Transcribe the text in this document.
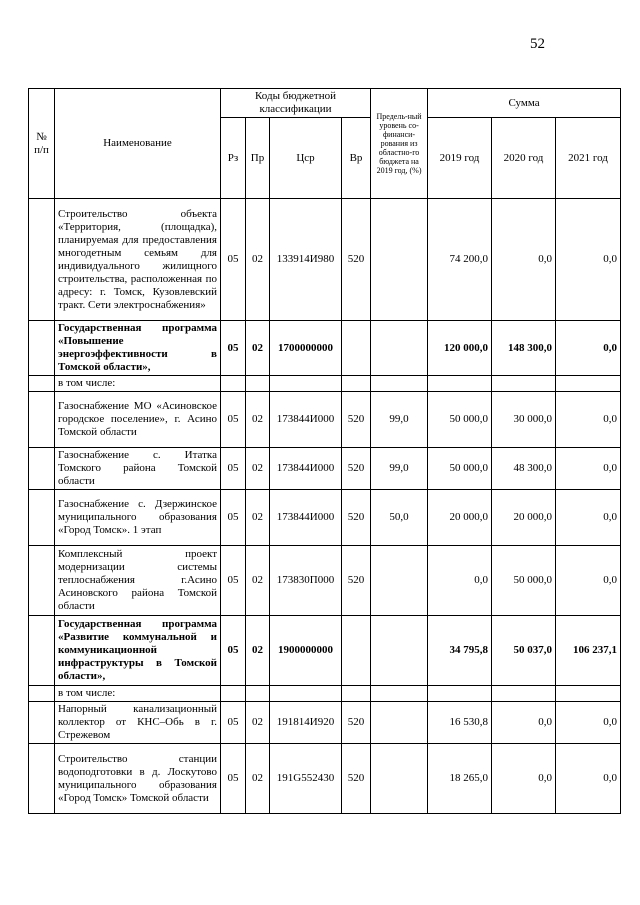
52
№ п/п	Наименование	Коды бюджетной классификации				Предель-ный уровень со-финанси-рования из областно-го бюджета на 2019 год, (%)	Сумма		
		Рз	Пр	Цср	Вр		2019 год	2020 год	2021 год
	Строительство объекта «Территория, (площадка), планируемая для предоставления многодетным семьям для индивидуального жилищного строительства, расположенная по адресу: г. Томск, Кузовлевский тракт. Сети электроснабжения»	05	02	133914И980	520		74 200,0	0,0	0,0
	Государственная программа «Повышение энергоэффективности в Томской области»,	05	02	1700000000			120 000,0	148 300,0	0,0
	в том числе:								
	Газоснабжение МО «Асиновское городское поселение», г. Асино Томской области	05	02	173844И000	520	99,0	50 000,0	30 000,0	0,0
	Газоснабжение с. Итатка Томского района Томской области	05	02	173844И000	520	99,0	50 000,0	48 300,0	0,0
	Газоснабжение с. Дзержинское муниципального образования «Город Томск». 1 этап	05	02	173844И000	520	50,0	20 000,0	20 000,0	0,0
	Комплексный проект модернизации системы теплоснабжения г.Асино Асиновского района Томской области	05	02	173830П000	520		0,0	50 000,0	0,0
	Государственная программа «Развитие коммунальной и коммуникационной инфраструктуры в Томской области»,	05	02	1900000000			34 795,8	50 037,0	106 237,1
	в том числе:								
	Напорный канализационный коллектор от КНС–Обь в г. Стрежевом	05	02	191814И920	520		16 530,8	0,0	0,0
	Строительство станции водоподготовки в д. Лоскутово муниципального образования «Город Томск» Томской области	05	02	191G552430	520		18 265,0	0,0	0,0
